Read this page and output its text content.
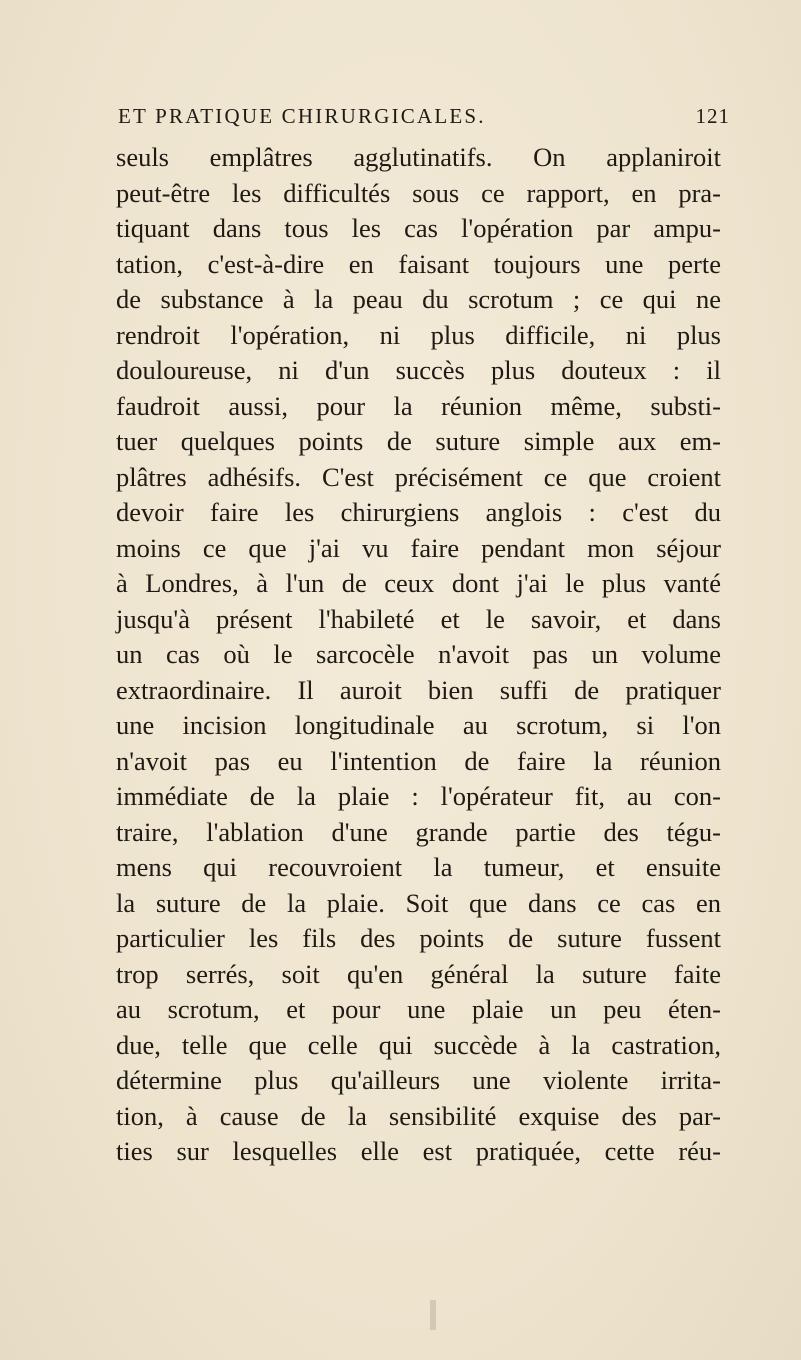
ET PRATIQUE CHIRURGICALES.	121
seuls emplâtres agglutinatifs. On applaniroit
peut-être les difficultés sous ce rapport, en pra-
tiquant dans tous les cas l'opération par ampu-
tation, c'est-à-dire en faisant toujours une perte
de substance à la peau du scrotum ; ce qui ne
rendroit l'opération, ni plus difficile, ni plus
douloureuse, ni d'un succès plus douteux : il
faudroit aussi, pour la réunion même, substi-
tuer quelques points de suture simple aux em-
plâtres adhésifs. C'est précisément ce que croient
devoir faire les chirurgiens anglois : c'est du
moins ce que j'ai vu faire pendant mon séjour
à Londres, à l'un de ceux dont j'ai le plus vanté
jusqu'à présent l'habileté et le savoir, et dans
un cas où le sarcocèle n'avoit pas un volume
extraordinaire. Il auroit bien suffi de pratiquer
une incision longitudinale au scrotum, si l'on
n'avoit pas eu l'intention de faire la réunion
immédiate de la plaie : l'opérateur fit, au con-
traire, l'ablation d'une grande partie des tégu-
mens qui recouvroient la tumeur, et ensuite
la suture de la plaie. Soit que dans ce cas en
particulier les fils des points de suture fussent
trop serrés, soit qu'en général la suture faite
au scrotum, et pour une plaie un peu éten-
due, telle que celle qui succède à la castration,
détermine plus qu'ailleurs une violente irrita-
tion, à cause de la sensibilité exquise des par-
ties sur lesquelles elle est pratiquée, cette réu-
